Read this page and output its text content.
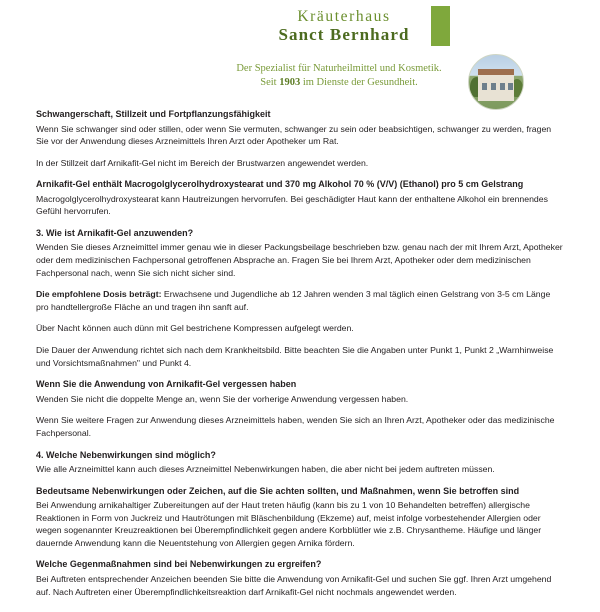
Kräuterhaus
Sanct Bernhard
Der Spezialist für Naturheilmittel und Kosmetik.
Seit 1903 im Dienste der Gesundheit.
Schwangerschaft, Stillzeit und Fortpflanzungsfähigkeit

Wenn Sie schwanger sind oder stillen, oder wenn Sie vermuten, schwanger zu sein oder beabsichtigen, schwanger zu werden, fragen Sie vor der Anwendung dieses Arzneimittels Ihren Arzt oder Apotheker um Rat.

In der Stillzeit darf Arnikafit-Gel nicht im Bereich der Brustwarzen angewendet werden.

Arnikafit-Gel enthält Macrogolglycerolhydroxystearat und 370 mg Alkohol 70 % (V/V) (Ethanol) pro 5 cm Gelstrang

Macrogolglycerolhydroxystearat kann Hautreizungen hervorrufen. Bei geschädigter Haut kann der enthaltene Alkohol ein brennendes Gefühl hervorrufen.

3. Wie ist Arnikafit-Gel anzuwenden?

Wenden Sie dieses Arzneimittel immer genau wie in dieser Packungsbeilage beschrieben bzw. genau nach der mit Ihrem Arzt, Apotheker oder dem medizinischen Fachpersonal getroffenen Absprache an. Fragen Sie bei Ihrem Arzt, Apotheker oder dem medizinischen Fachpersonal nach, wenn Sie sich nicht sicher sind.

Die empfohlene Dosis beträgt: Erwachsene und Jugendliche ab 12 Jahren wenden 3 mal täglich einen Gelstrang von 3-5 cm Länge pro handtellergroße Fläche an und tragen ihn sanft auf.

Über Nacht können auch dünn mit Gel bestrichene Kompressen aufgelegt werden.

Die Dauer der Anwendung richtet sich nach dem Krankheitsbild. Bitte beachten Sie die Angaben unter Punkt 1, Punkt 2 „Warnhinweise und Vorsichtsmaßnahmen" und Punkt 4.

Wenn Sie die Anwendung von Arnikafit-Gel vergessen haben

Wenden Sie nicht die doppelte Menge an, wenn Sie der vorherige Anwendung vergessen haben.

Wenn Sie weitere Fragen zur Anwendung dieses Arzneimittels haben, wenden Sie sich an Ihren Arzt, Apotheker oder das medizinische Fachpersonal.

4. Welche Nebenwirkungen sind möglich?

Wie alle Arzneimittel kann auch dieses Arzneimittel Nebenwirkungen haben, die aber nicht bei jedem auftreten müssen.

Bedeutsame Nebenwirkungen oder Zeichen, auf die Sie achten sollten, und Maßnahmen, wenn Sie betroffen sind

Bei Anwendung arnikahaltiger Zubereitungen auf der Haut treten häufig (kann bis zu 1 von 10 Behandelten betreffen) allergische Reaktionen in Form von Juckreiz und Hautrötungen mit Bläschenbildung (Ekzeme) auf, meist infolge vorbestehender Allergien oder wegen sogenannter Kreuzreaktionen bei Überempfindlichkeit gegen andere Korbblütler wie z.B. Chrysantheme. Häufige und länger dauernde Anwendung kann die Neuentstehung von Allergien gegen Arnika fördern.

Welche Gegenmaßnahmen sind bei Nebenwirkungen zu ergreifen?

Bei Auftreten entsprechender Anzeichen beenden Sie bitte die Anwendung von Arnikafit-Gel und suchen Sie ggf. Ihren Arzt umgehend auf. Nach Auftreten einer Überempfindlichkeitsreaktion darf Arnikafit-Gel nicht nochmals angewendet werden.
